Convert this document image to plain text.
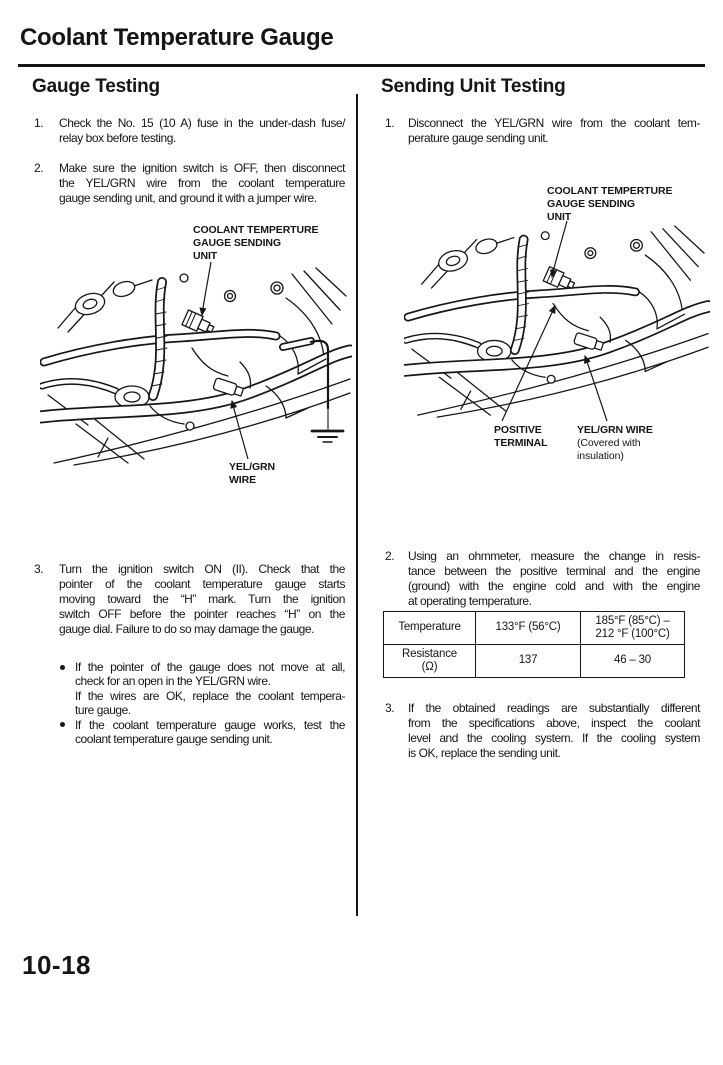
Coolant Temperature Gauge
Gauge Testing
1. Check the No. 15 (10 A) fuse in the under-dash fuse/
relay box before testing.
2. Make sure the ignition switch is OFF, then disconnect
the YEL/GRN wire from the coolant temperature
gauge sending unit, and ground it with a jumper wire.
COOLANT TEMPERTURE
GAUGE SENDING
UNIT
YEL/GRN
WIRE
3. Turn the ignition switch ON (II). Check that the
pointer of the coolant temperature gauge starts
moving toward the “H” mark. Turn the ignition
switch OFF before the pointer reaches “H” on the
gauge dial. Failure to do so may damage the gauge.
If the pointer of the gauge does not move at all,
check for an open in the YEL/GRN wire.
If the wires are OK, replace the coolant tempera-
ture gauge.
If the coolant temperature gauge works, test the
coolant temperature gauge sending unit.
Sending Unit Testing
1. Disconnect the YEL/GRN wire from the coolant tem-
perature gauge sending unit.
COOLANT TEMPERTURE
GAUGE SENDING
UNIT
POSITIVE
TERMINAL
YEL/GRN WIRE
(Covered with
insulation)
2. Using an ohmmeter, measure the change in resis-
tance between the positive terminal and the engine
(ground) with the engine cold and with the engine
at operating temperature.
Temperature	133°F (56°C)	185°F (85°C) –
212 °F (100°C)

Resistance
(Ω)	137	46 – 30
3. If the obtained readings are substantially different
from the specifications above, inspect the coolant
level and the cooling system. If the cooling system
is OK, replace the sending unit.
10-18
